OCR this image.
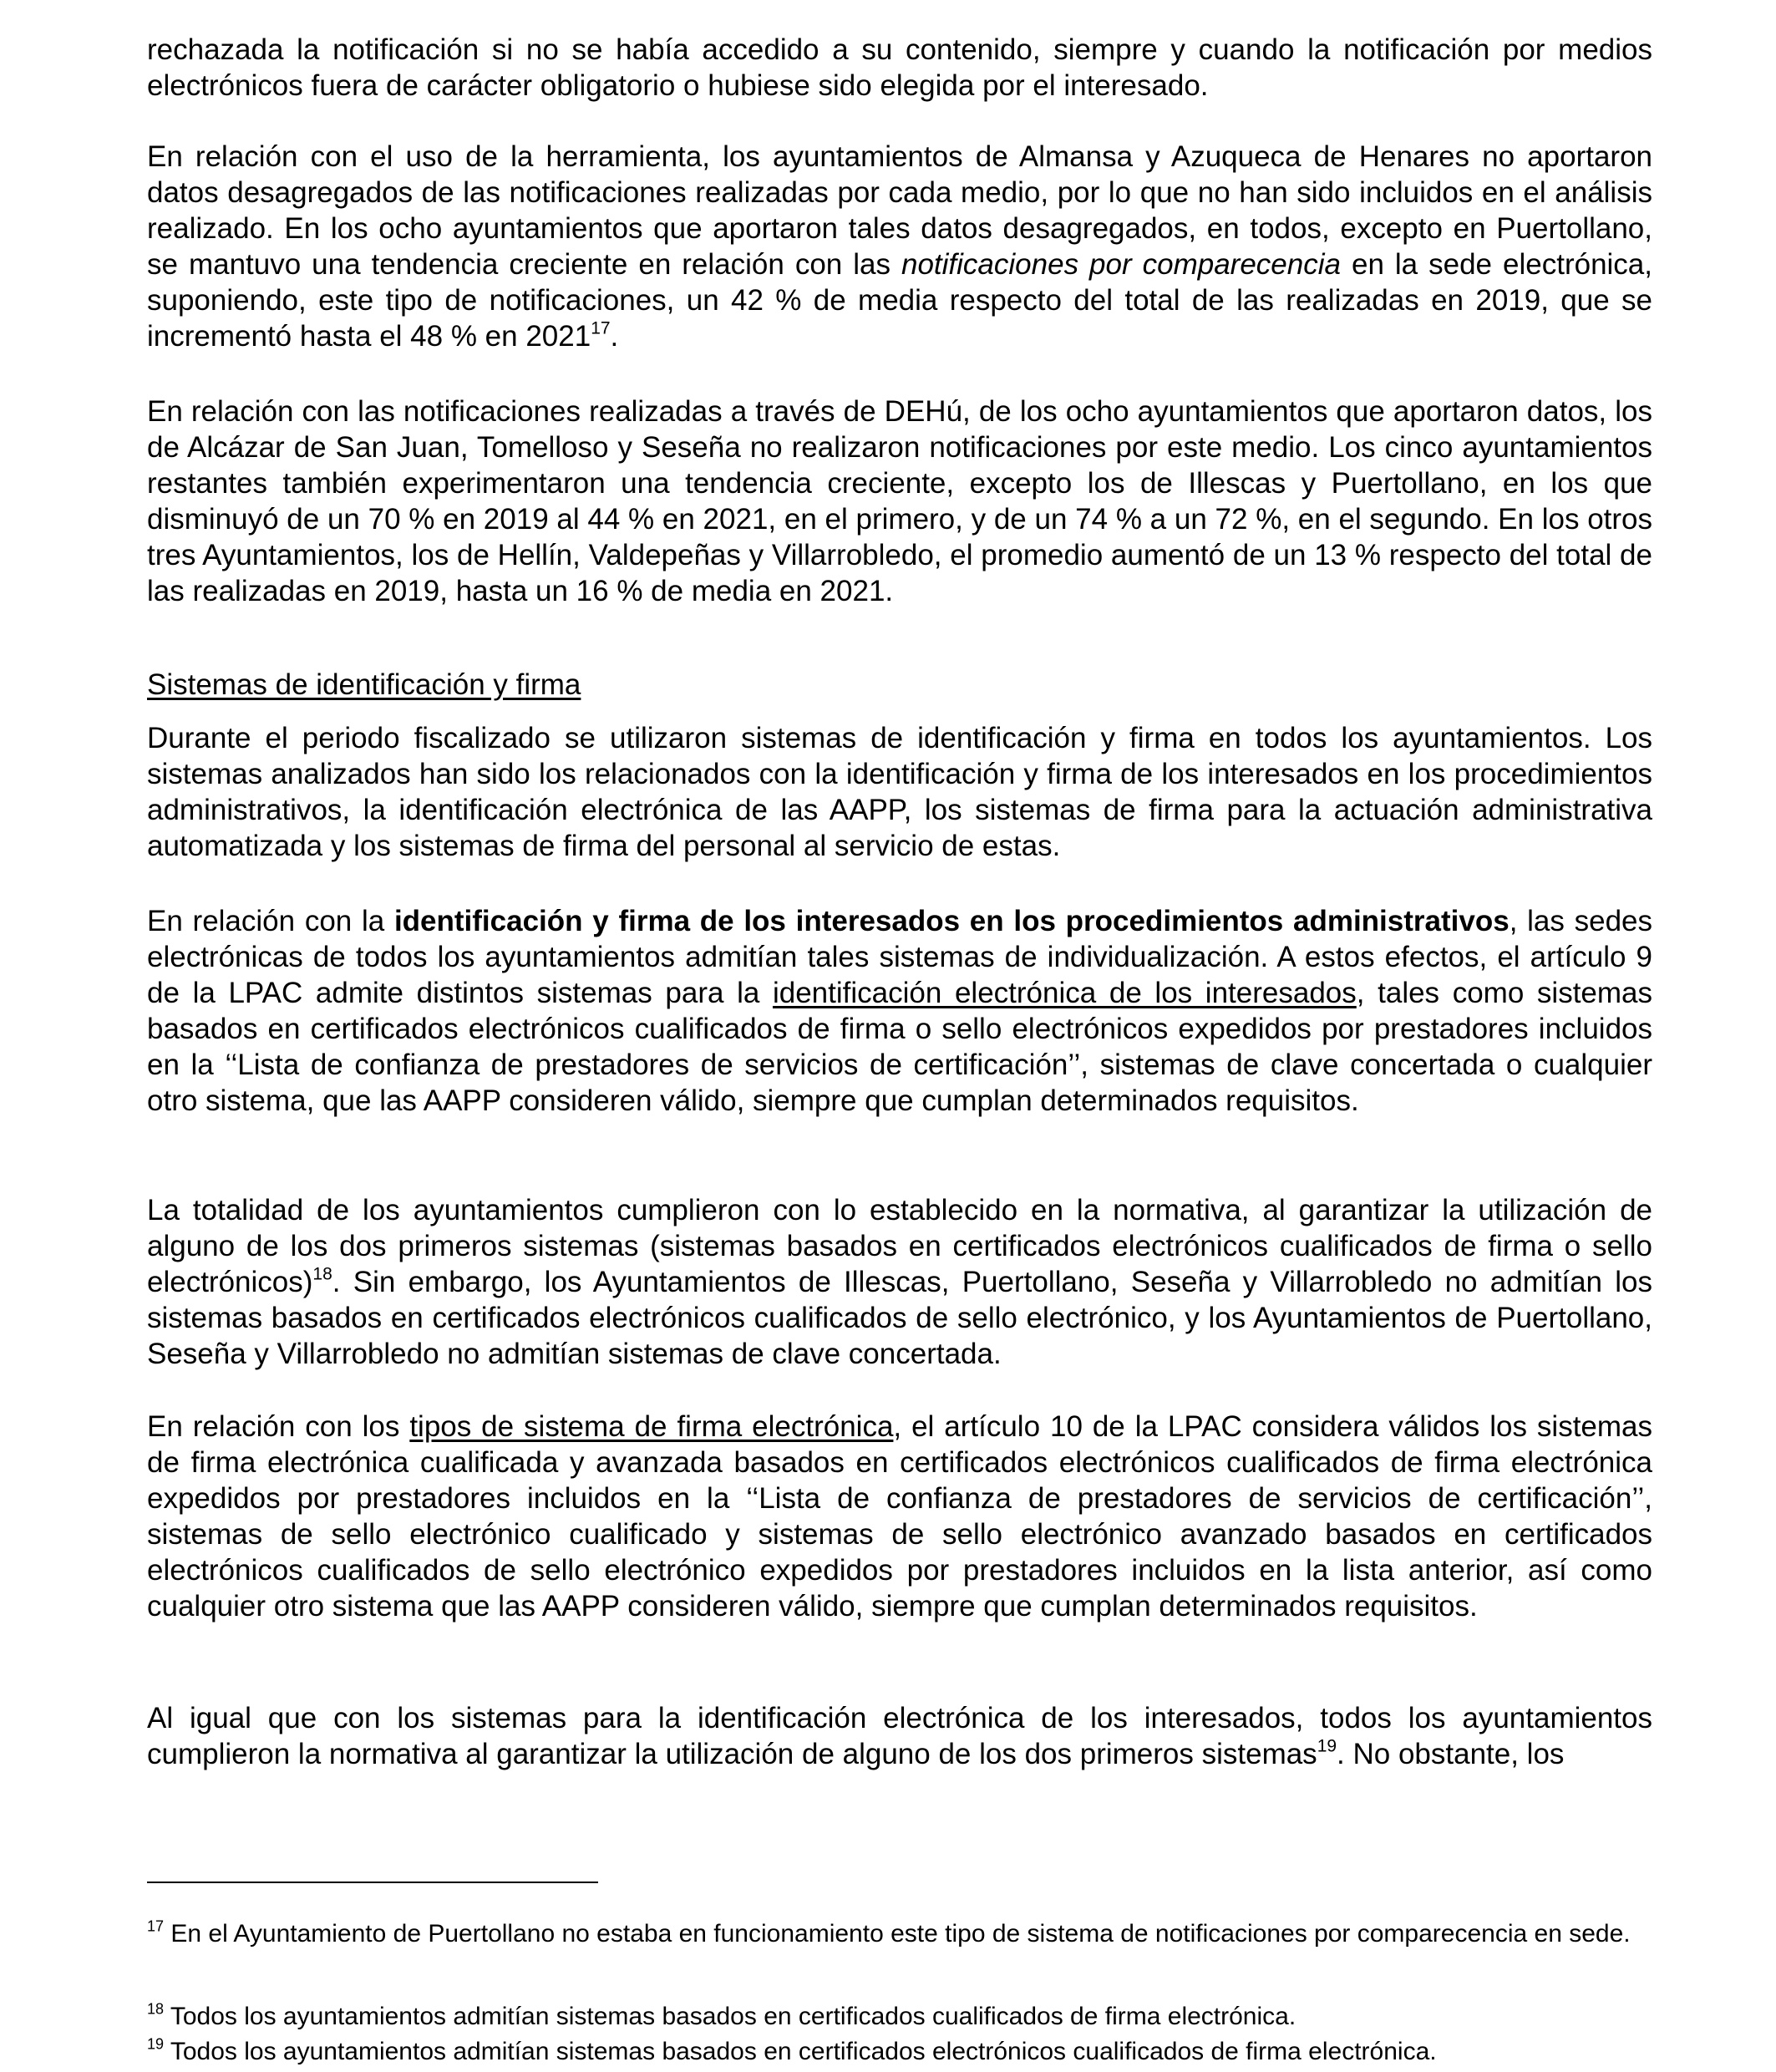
rechazada la notificación si no se había accedido a su contenido, siempre y cuando la notificación por medios electrónicos fuera de carácter obligatorio o hubiese sido elegida por el interesado.

En relación con el uso de la herramienta, los ayuntamientos de Almansa y Azuqueca de Henares no aportaron datos desagregados de las notificaciones realizadas por cada medio, por lo que no han sido incluidos en el análisis realizado. En los ocho ayuntamientos que aportaron tales datos desagregados, en todos, excepto en Puertollano, se mantuvo una tendencia creciente en relación con las notificaciones por comparecencia en la sede electrónica, suponiendo, este tipo de notificaciones, un 42 % de media respecto del total de las realizadas en 2019, que se incrementó hasta el 48 % en 2021$^{17}$.

En relación con las notificaciones realizadas a través de DEHú, de los ocho ayuntamientos que aportaron datos, los de Alcázar de San Juan, Tomelloso y Seseña no realizaron notificaciones por este medio. Los cinco ayuntamientos restantes también experimentaron una tendencia creciente, excepto los de Illescas y Puertollano, en los que disminuyó de un 70 % en 2019 al 44 % en 2021, en el primero, y de un 74 % a un 72 %, en el segundo. En los otros tres Ayuntamientos, los de Hellín, Valdepeñas y Villarrobledo, el promedio aumentó de un 13 % respecto del total de las realizadas en 2019, hasta un 16 % de media en 2021.

Sistemas de identificación y firma

Durante el periodo fiscalizado se utilizaron sistemas de identificación y firma en todos los ayuntamientos. Los sistemas analizados han sido los relacionados con la identificación y firma de los interesados en los procedimientos administrativos, la identificación electrónica de las AAPP, los sistemas de firma para la actuación administrativa automatizada y los sistemas de firma del personal al servicio de estas.

En relación con la identificación y firma de los interesados en los procedimientos administrativos, las sedes electrónicas de todos los ayuntamientos admitían tales sistemas de individualización. A estos efectos, el artículo 9 de la LPAC admite distintos sistemas para la identificación electrónica de los interesados, tales como sistemas basados en certificados electrónicos cualificados de firma o sello electrónicos expedidos por prestadores incluidos en la ‘‘Lista de confianza de prestadores de servicios de certificación’’, sistemas de clave concertada o cualquier otro sistema, que las AAPP consideren válido, siempre que cumplan determinados requisitos.

La totalidad de los ayuntamientos cumplieron con lo establecido en la normativa, al garantizar la utilización de alguno de los dos primeros sistemas (sistemas basados en certificados electrónicos cualificados de firma o sello electrónicos)$^{18}$. Sin embargo, los Ayuntamientos de Illescas, Puertollano, Seseña y Villarrobledo no admitían los sistemas basados en certificados electrónicos cualificados de sello electrónico, y los Ayuntamientos de Puertollano, Seseña y Villarrobledo no admitían sistemas de clave concertada.

En relación con los tipos de sistema de firma electrónica, el artículo 10 de la LPAC considera válidos los sistemas de firma electrónica cualificada y avanzada basados en certificados electrónicos cualificados de firma electrónica expedidos por prestadores incluidos en la ‘‘Lista de confianza de prestadores de servicios de certificación’’, sistemas de sello electrónico cualificado y sistemas de sello electrónico avanzado basados en certificados electrónicos cualificados de sello electrónico expedidos por prestadores incluidos en la lista anterior, así como cualquier otro sistema que las AAPP consideren válido, siempre que cumplan determinados requisitos.

Al igual que con los sistemas para la identificación electrónica de los interesados, todos los ayuntamientos cumplieron la normativa al garantizar la utilización de alguno de los dos primeros sistemas$^{19}$. No obstante, los

$^{17}$ En el Ayuntamiento de Puertollano no estaba en funcionamiento este tipo de sistema de notificaciones por comparecencia en sede.

$^{18}$ Todos los ayuntamientos admitían sistemas basados en certificados cualificados de firma electrónica.

$^{19}$ Todos los ayuntamientos admitían sistemas basados en certificados electrónicos cualificados de firma electrónica.
